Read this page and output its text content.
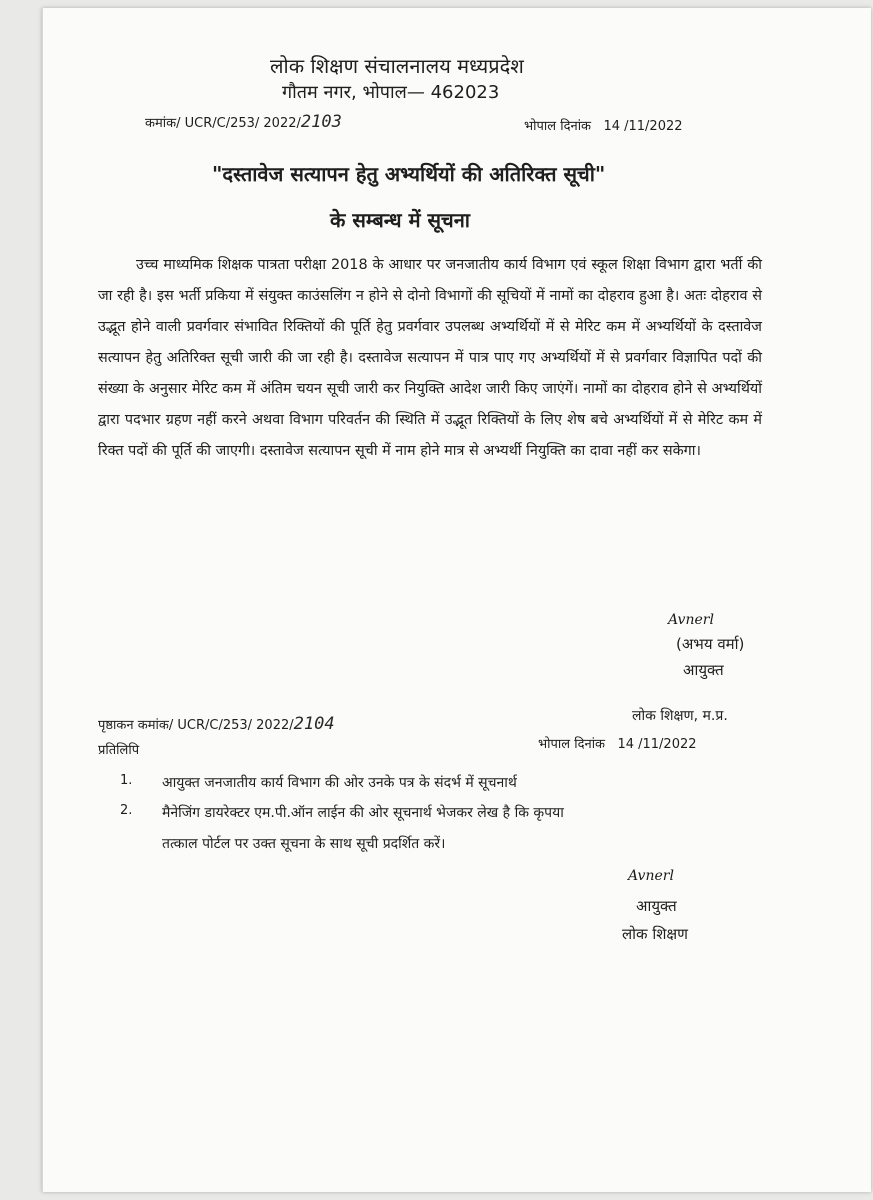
लोक शिक्षण संचालनालय मध्यप्रदेश
गौतम नगर, भोपाल— 462023
कमांक/ UCR/C/253/ 2022/2103	भोपाल दिनांक 14 /11/2022
"दस्तावेज सत्यापन हेतु अभ्यर्थियों की अतिरिक्त सूची"
के सम्बन्ध में सूचना
उच्च माध्यमिक शिक्षक पात्रता परीक्षा 2018 के आधार पर जनजातीय कार्य विभाग एवं स्कूल शिक्षा विभाग द्वारा भर्ती की जा रही है। इस भर्ती प्रकिया में संयुक्त काउंसलिंग न होने से दोनो विभागों की सूचियों में नामों का दोहराव हुआ है। अतः दोहराव से उद्भूत होने वाली प्रवर्गवार संभावित रिक्तियों की पूर्ति हेतु प्रवर्गवार उपलब्ध अभ्यर्थियों में से मेरिट कम में अभ्यर्थियों के दस्तावेज सत्यापन हेतु अतिरिक्त सूची जारी की जा रही है। दस्तावेज सत्यापन में पात्र पाए गए अभ्यर्थियों में से प्रवर्गवार विज्ञापित पदों की संख्या के अनुसार मेरिट कम में अंतिम चयन सूची जारी कर नियुक्ति आदेश जारी किए जाएंगें। नामों का दोहराव होने से अभ्यर्थियों द्वारा पदभार ग्रहण नहीं करने अथवा विभाग परिवर्तन की स्थिति में उद्भूत रिक्तियों के लिए शेष बचे अभ्यर्थियों में से मेरिट कम में रिक्त पदों की पूर्ति की जाएगी। दस्तावेज सत्यापन सूची में नाम होने मात्र से अभ्यर्थी नियुक्ति का दावा नहीं कर सकेगा।
Avnerl
(अभय वर्मा)
आयुक्त
लोक शिक्षण, म.प्र.
पृष्ठाकन कमांक/ UCR/C/253/ 2022/2104
भोपाल दिनांक 14 /11/2022
प्रतिलिपि
1. आयुक्त जनजातीय कार्य विभाग की ओर उनके पत्र के संदर्भ में सूचनार्थ
2. मैनेजिंग डायरेक्टर एम.पी.ऑन लाईन की ओर सूचनार्थ भेजकर लेख है कि कृपया
तत्काल पोर्टल पर उक्त सूचना के साथ सूची प्रदर्शित करें।
Avnerl
आयुक्त
लोक शिक्षण
